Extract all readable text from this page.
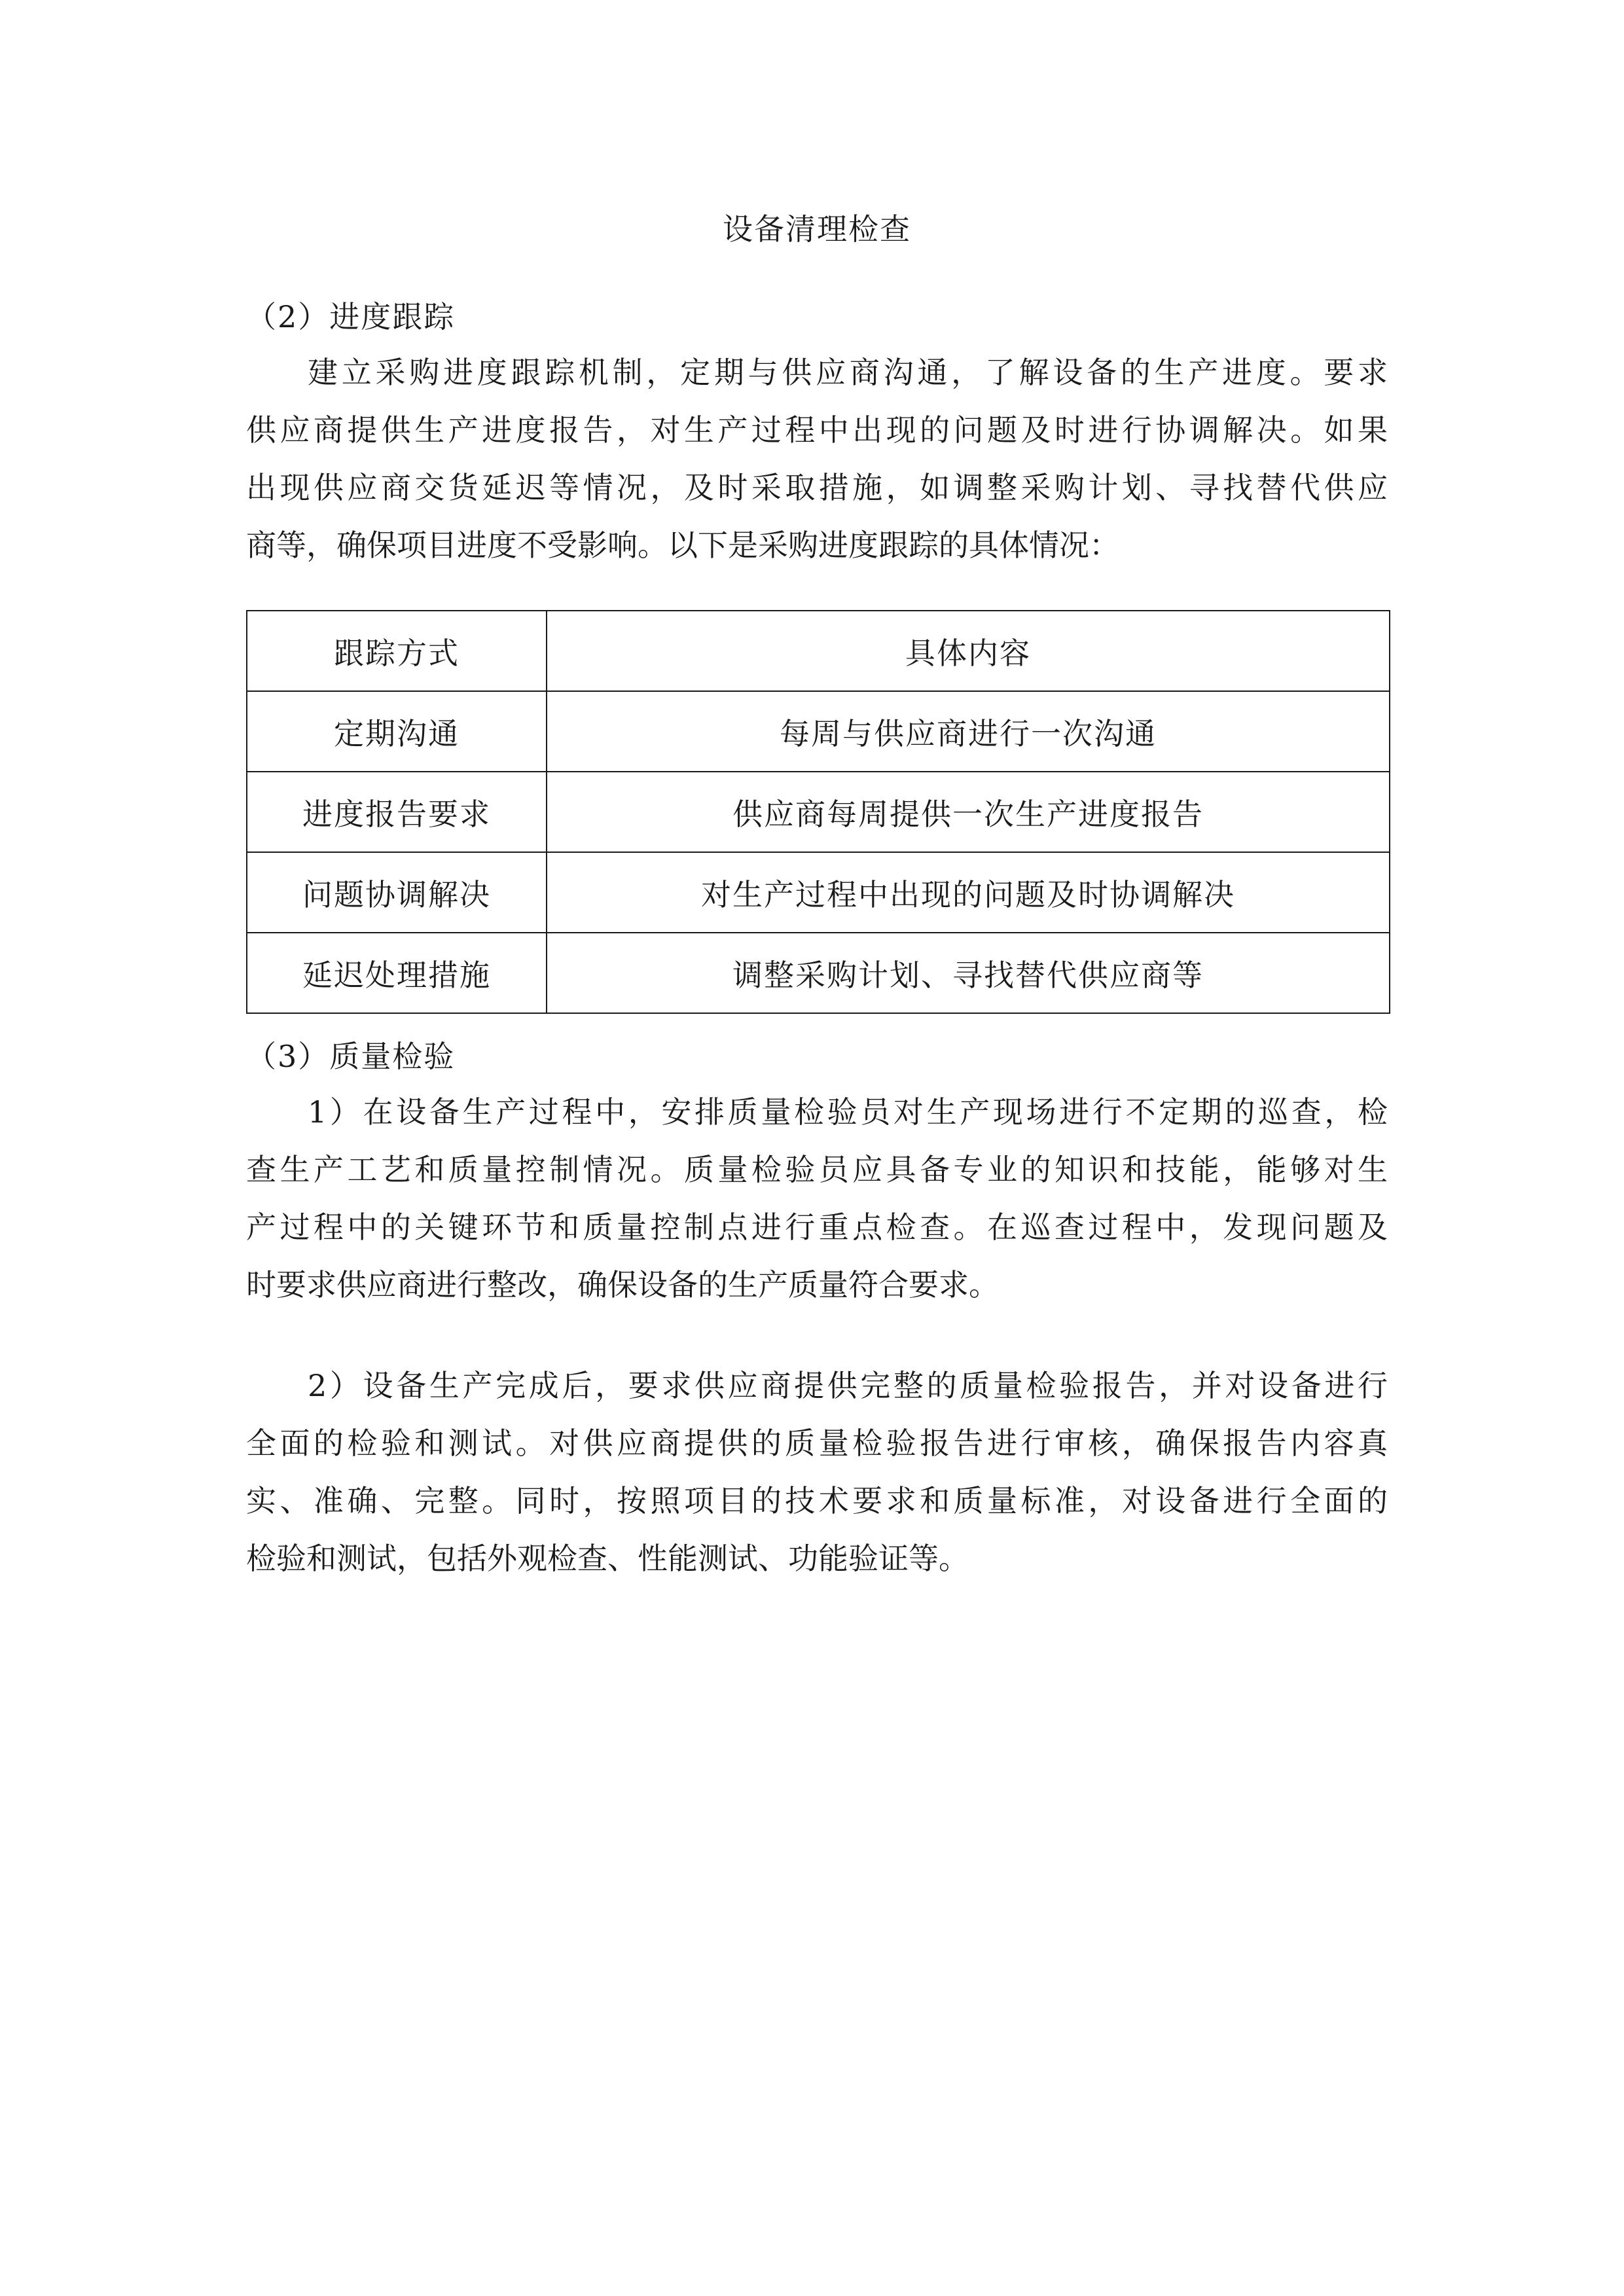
设备清理检查
（2）进度跟踪
建立采购进度跟踪机制，定期与供应商沟通，了解设备的生产进度。要求
供应商提供生产进度报告，对生产过程中出现的问题及时进行协调解决。如果
出现供应商交货延迟等情况，及时采取措施，如调整采购计划、寻找替代供应
商等，确保项目进度不受影响。以下是采购进度跟踪的具体情况：
跟踪方式	具体内容
定期沟通	每周与供应商进行一次沟通
进度报告要求	供应商每周提供一次生产进度报告
问题协调解决	对生产过程中出现的问题及时协调解决
延迟处理措施	调整采购计划、寻找替代供应商等
（3）质量检验
1）在设备生产过程中，安排质量检验员对生产现场进行不定期的巡查，检
查生产工艺和质量控制情况。质量检验员应具备专业的知识和技能，能够对生
产过程中的关键环节和质量控制点进行重点检查。在巡查过程中，发现问题及
时要求供应商进行整改，确保设备的生产质量符合要求。
2）设备生产完成后，要求供应商提供完整的质量检验报告，并对设备进行
全面的检验和测试。对供应商提供的质量检验报告进行审核，确保报告内容真
实、准确、完整。同时，按照项目的技术要求和质量标准，对设备进行全面的
检验和测试，包括外观检查、性能测试、功能验证等。
